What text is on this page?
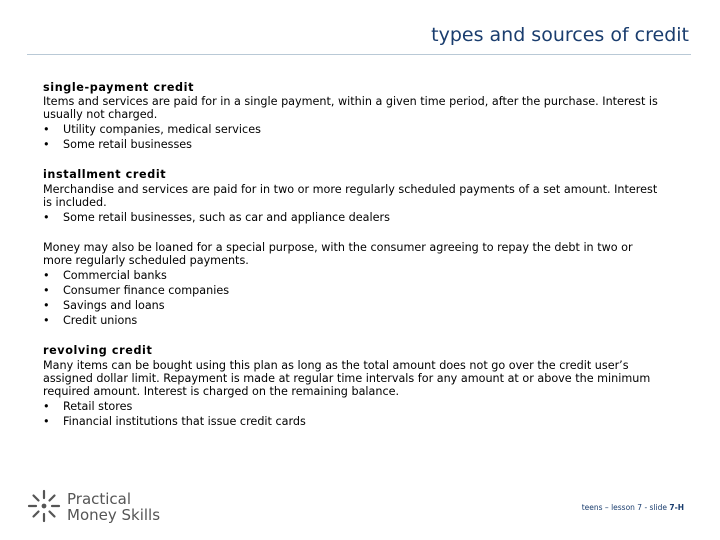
types and sources of credit
single-payment credit
Items and services are paid for in a single payment, within a given time period, after the purchase. Interest is usually not charged.
• Utility companies, medical services
• Some retail businesses
installment credit
Merchandise and services are paid for in two or more regularly scheduled payments of a set amount. Interest is included.
• Some retail businesses, such as car and appliance dealers
Money may also be loaned for a special purpose, with the consumer agreeing to repay the debt in two or more regularly scheduled payments.
• Commercial banks
• Consumer finance companies
• Savings and loans
• Credit unions
revolving credit
Many items can be bought using this plan as long as the total amount does not go over the credit user’s assigned dollar limit. Repayment is made at regular time intervals for any amount at or above the minimum required amount. Interest is charged on the remaining balance.
• Retail stores
• Financial institutions that issue credit cards
Practical
Money Skills	teens – lesson 7 - slide 7-H
